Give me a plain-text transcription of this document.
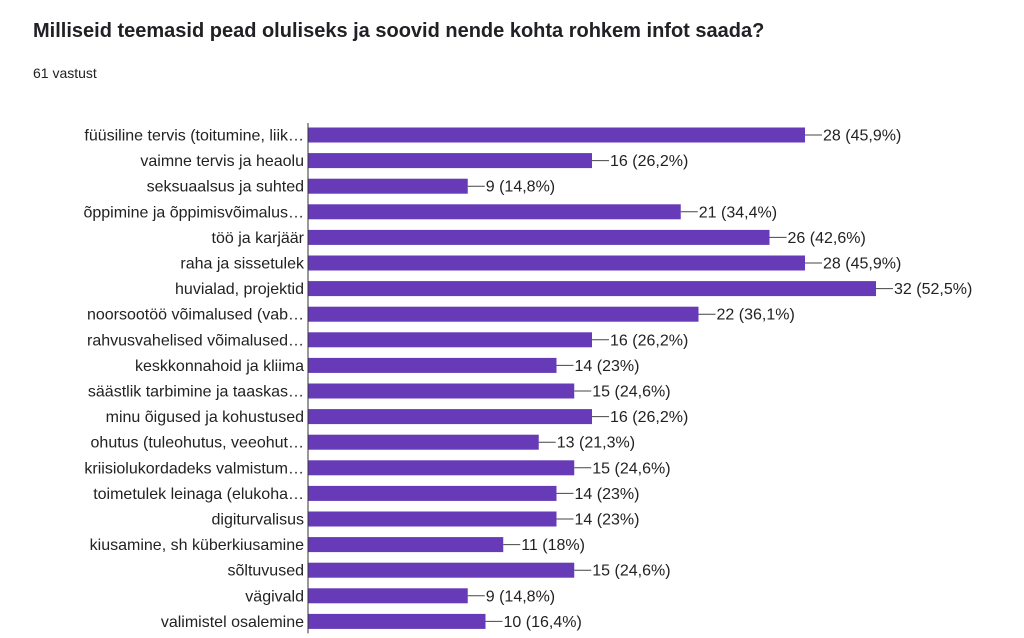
Milliseid teemasid pead oluliseks ja soovid nende kohta rohkem infot saada?
61 vastust
füüsiline tervis (toitumine, liik…	28 (45,9%)
vaimne tervis ja heaolu	16 (26,2%)
seksuaalsus ja suhted	9 (14,8%)
õppimine ja õppimisvõimalus…	21 (34,4%)
töö ja karjäär	26 (42,6%)
raha ja sissetulek	28 (45,9%)
huvialad, projektid	32 (52,5%)
noorsootöö võimalused (vab…	22 (36,1%)
rahvusvahelised võimalused…	16 (26,2%)
keskkonnahoid ja kliima	14 (23%)
säästlik tarbimine ja taaskas…	15 (24,6%)
minu õigused ja kohustused	16 (26,2%)
ohutus (tuleohutus, veeohut…	13 (21,3%)
kriisiolukordadeks valmistum…	15 (24,6%)
toimetulek leinaga (elukoha…	14 (23%)
digiturvalisus	14 (23%)
kiusamine, sh küberkiusamine	11 (18%)
sõltuvused	15 (24,6%)
vägivald	9 (14,8%)
valimistel osalemine	10 (16,4%)
